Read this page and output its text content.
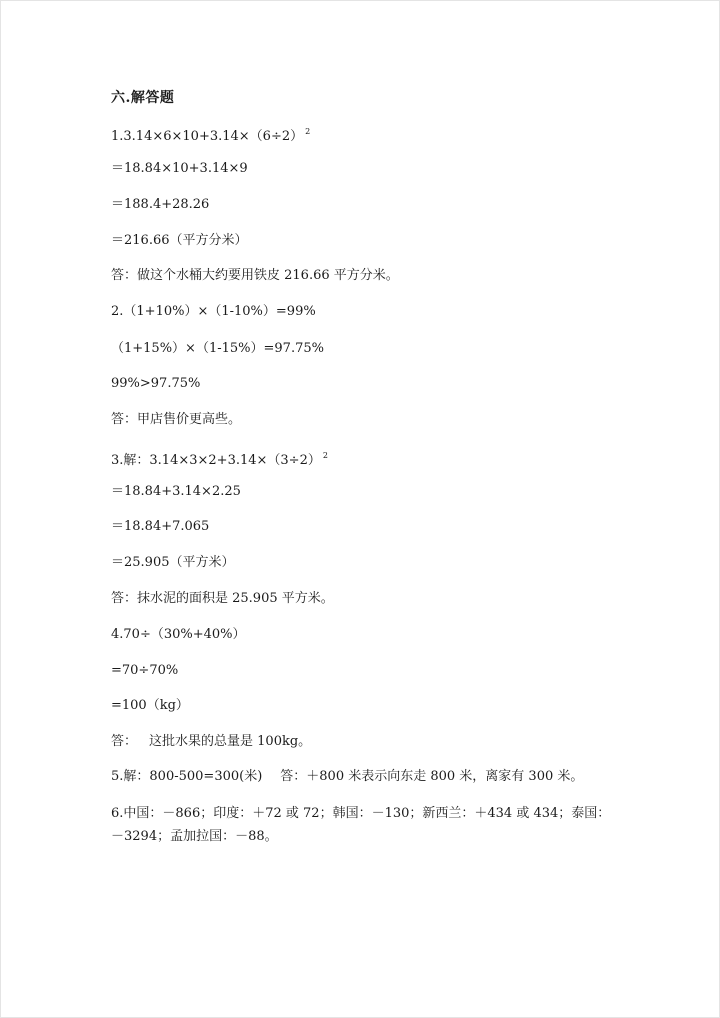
六.解答题
1.3.14×6×10+3.14×（6÷2） $^2$
＝18.84×10+3.14×9
＝188.4+28.26
＝216.66（平方分米）
答：做这个水桶大约要用铁皮 216.66 平方分米。
2.（1+10%）×（1-10%）=99%
（1+15%）×（1-15%）=97.75%
99%>97.75%
答：甲店售价更高些。
3.解：3.14×3×2+3.14×（3÷2） $^2$
＝18.84+3.14×2.25
＝18.84+7.065
＝25.905（平方米）
答：抹水泥的面积是 25.905 平方米。
4.70÷（30%+40%）
=70÷70%
=100（kg）
答： 这批水果的总量是 100kg。
5.解：800-500=300(米) 答：＋800 米表示向东走 800 米，离家有 300 米。
6.中国：－866；印度：＋72 或 72；韩国：－130；新西兰：＋434 或 434；泰国：－3294；孟加拉国：－88。
